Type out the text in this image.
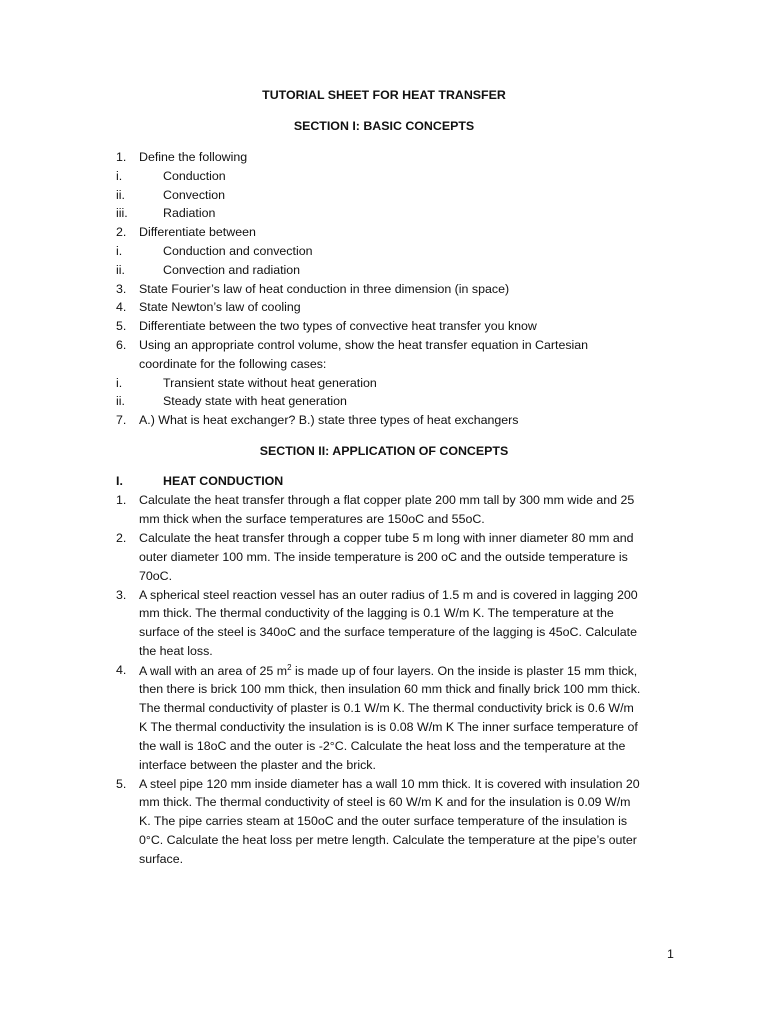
TUTORIAL SHEET FOR HEAT TRANSFER
SECTION I: BASIC CONCEPTS
1. Define the following
i.	Conduction
ii.	Convection
iii.	Radiation
2. Differentiate between
i.	Conduction and convection
ii.	Convection and radiation
3. State Fourier’s law of heat conduction in three dimension (in space)
4. State Newton’s law of cooling
5. Differentiate between the two types of convective heat transfer you know
6. Using an appropriate control volume, show the heat transfer equation in Cartesian
coordinate for the following cases:
i.	Transient state without heat generation
ii.	Steady state with heat generation
7. A.) What is heat exchanger? B.) state three types of heat exchangers
SECTION II: APPLICATION OF CONCEPTS
I.	HEAT CONDUCTION
1. Calculate the heat transfer through a flat copper plate 200 mm tall by 300 mm wide and 25
mm thick when the surface temperatures are 150oC and 55oC.
2. Calculate the heat transfer through a copper tube 5 m long with inner diameter 80 mm and
outer diameter 100 mm. The inside temperature is 200 oC and the outside temperature is
70oC.
3. A spherical steel reaction vessel has an outer radius of 1.5 m and is covered in lagging 200
mm thick. The thermal conductivity of the lagging is 0.1 W/m K. The temperature at the
surface of the steel is 340oC and the surface temperature of the lagging is 45oC. Calculate
the heat loss.
4. A wall with an area of 25 $m^2$ is made up of four layers. On the inside is plaster 15 mm thick,
then there is brick 100 mm thick, then insulation 60 mm thick and finally brick 100 mm thick.
The thermal conductivity of plaster is 0.1 W/m K. The thermal conductivity brick is 0.6 W/m
K The thermal conductivity the insulation is is 0.08 W/m K The inner surface temperature of
the wall is 18oC and the outer is -2°C. Calculate the heat loss and the temperature at the
interface between the plaster and the brick.
5. A steel pipe 120 mm inside diameter has a wall 10 mm thick. It is covered with insulation 20
mm thick. The thermal conductivity of steel is 60 W/m K and for the insulation is 0.09 W/m
K. The pipe carries steam at 150oC and the outer surface temperature of the insulation is
0°C. Calculate the heat loss per metre length. Calculate the temperature at the pipe’s outer
surface.
1
